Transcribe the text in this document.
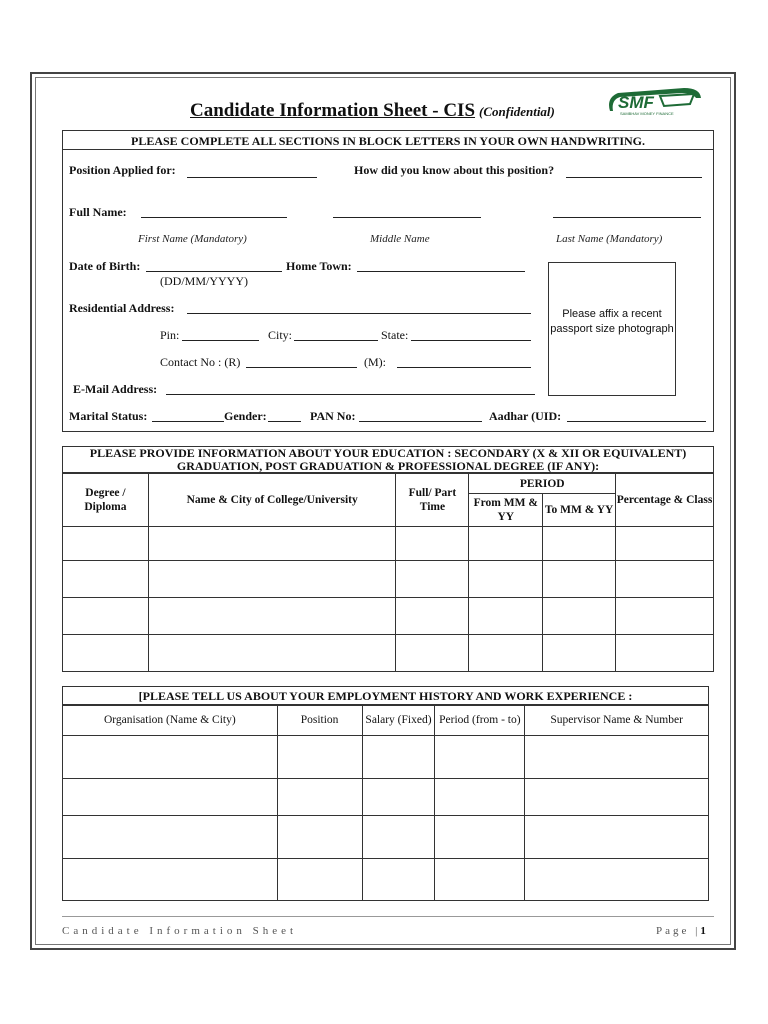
Candidate Information Sheet - CIS (Confidential)	SMF
SAMBHAV MONEY FINANCE
PLEASE COMPLETE ALL SECTIONS IN BLOCK LETTERS IN YOUR OWN HANDWRITING.
Position Applied for:	How did you know about this position?
Full Name:
First Name (Mandatory)	Middle Name	Last Name (Mandatory)
Date of Birth:	Home Town:
(DD/MM/YYYY)
Residential Address:
Pin:	City:	State:
Contact No : (R)	(M):
E-Mail Address:
Marital Status:	Gender:	PAN No:	Aadhar (UID:
Please affix a recent passport size photograph
PLEASE PROVIDE INFORMATION ABOUT YOUR EDUCATION : SECONDARY (X & XII OR EQUIVALENT)
GRADUATION, POST GRADUATION & PROFESSIONAL DEGREE (IF ANY):
Degree / Diploma	Name & City of College/University	Full/ Part Time	PERIOD		Percentage & Class
			From MM & YY	To MM & YY	

[PLEASE TELL US ABOUT YOUR EMPLOYMENT HISTORY AND WORK EXPERIENCE :
Organisation (Name & City)	Position	Salary (Fixed)	Period (from - to)	Supervisor Name & Number

Candidate Information Sheet	Page |1
